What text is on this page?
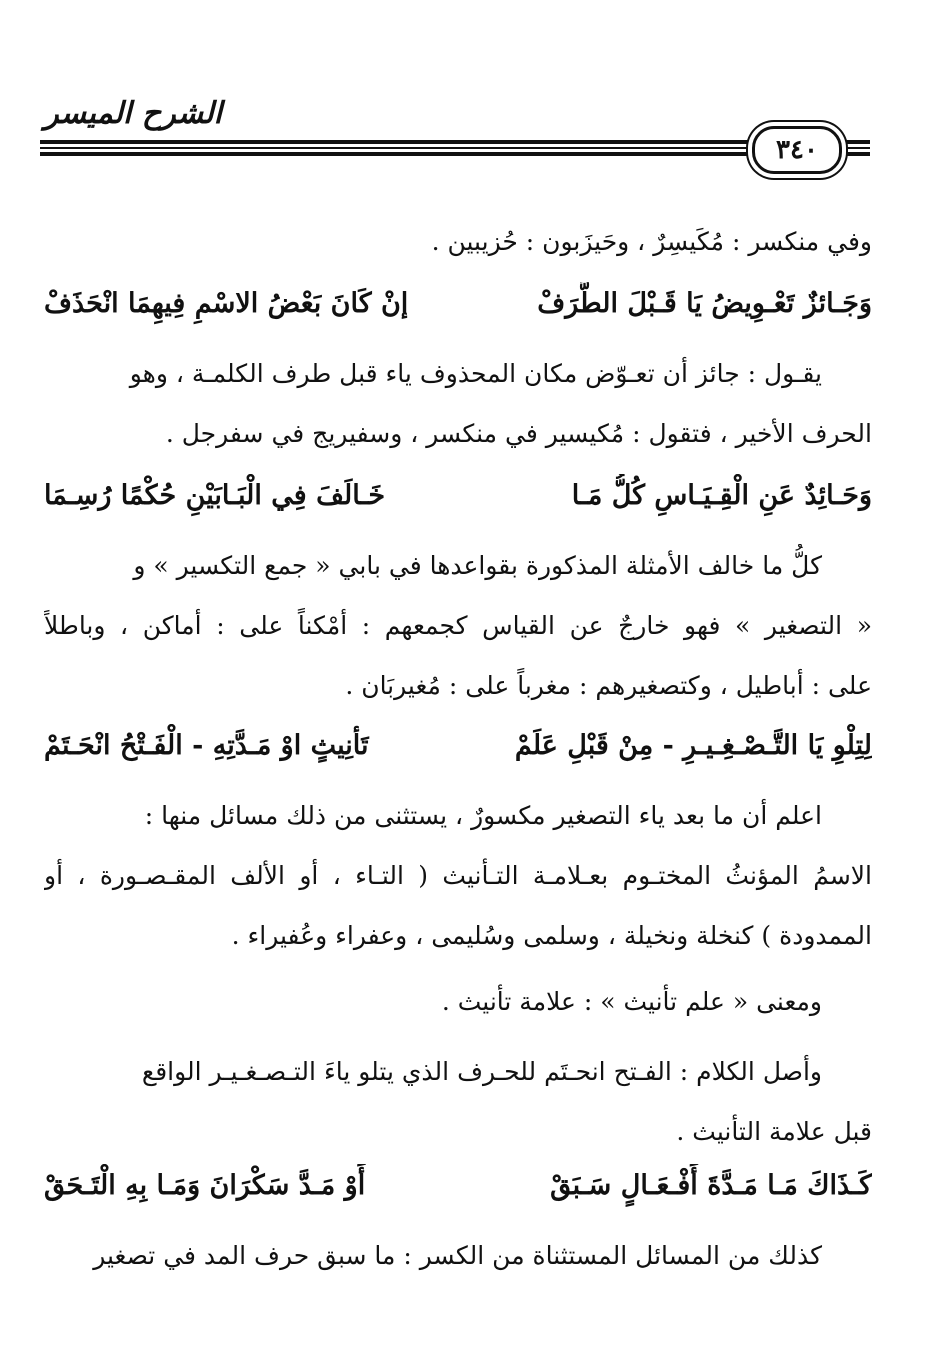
الشرح الميسر
٣٤٠
وفي منكسر : مُكَيسِرٌ ، وحَيزَبون : حُزيبين .
وَجَـائزٌ تَعْـوِيضُ يَا قَـبْلَ الطَّرَفْ
إنْ كَانَ بَعْضُ الاسْمِ فِيهِمَا انْحَذَفْ
يقـول : جائز أن تعـوّض مكان المحذوف ياء قبل طرف الكلمـة ، وهو
الحرف الأخير ، فتقول : مُكيسير في منكسر ، وسفيريج في سفرجل .
وَحَـائِدٌ عَنِ الْقِـيَـاسِ كُلُّ مَـا
خَـالَفَ فِي الْبَـابَيْنِ حُكْمًا رُسِـمَا
كلُّ ما خالف الأمثلة المذكورة بقواعدها في بابي « جمع التكسير » و
« التصغير » فهو خارجٌ عن القياس كجمعهم : أمْكناً على : أماكن ، وباطلاً
على : أباطيل ، وكتصغيرهم : مغرباً على : مُغيربَان .
لِتِلْوِ يَا التَّـصْـغِـيـرِ - مِنْ قَبْلِ عَلَمْ
تَأنِيثٍ اوْ مَـدَّتِهِ - الْفَـتْحُ انْحَـتَمْ
اعلم أن ما بعد ياء التصغير مكسورٌ ، يستثنى من ذلك مسائل منها :
الاسمُ المؤنثُ المختـوم بعـلامـة التـأنيث ( التـاء ، أو الألف المقـصـورة ، أو
الممدودة ) كنخلة ونخيلة ، وسلمى وسُليمى ، وعفراء وعُفيراء .
ومعنى « علم تأنيث » : علامة تأنيث .
وأصل الكلام : الفـتح انحـتَم للحـرف الذي يتلو ياءَ التـصـغـيـر الواقع
قبل علامة التأنيث .
كَـذَاكَ مَـا مَـدَّةَ أَفْـعَـالٍ سَـبَقْ
أَوْ مَـدَّ سَكْرَانَ وَمَـا بِهِ الْتَـحَقْ
كذلك من المسائل المستثناة من الكسر : ما سبق حرف المد في تصغير
